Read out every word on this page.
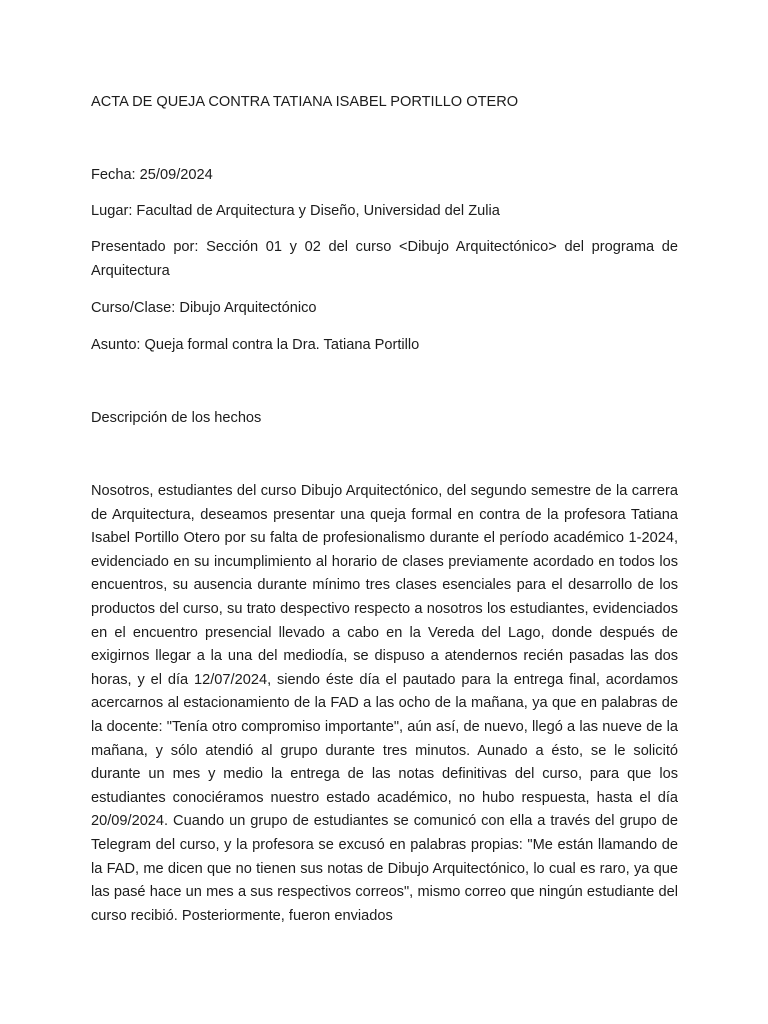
ACTA DE QUEJA CONTRA TATIANA ISABEL PORTILLO OTERO

Fecha: 25/09/2024

Lugar: Facultad de Arquitectura y Diseño, Universidad del Zulia

Presentado por: Sección 01 y 02 del curso <Dibujo Arquitectónico> del programa de Arquitectura

Curso/Clase: Dibujo Arquitectónico

Asunto: Queja formal contra la Dra. Tatiana Portillo

Descripción de los hechos

Nosotros, estudiantes del curso Dibujo Arquitectónico, del segundo semestre de la carrera de Arquitectura, deseamos presentar una queja formal en contra de la profesora Tatiana Isabel Portillo Otero por su falta de profesionalismo durante el período académico 1-2024, evidenciado en su incumplimiento al horario de clases previamente acordado en todos los encuentros, su ausencia durante mínimo tres clases esenciales para el desarrollo de los productos del curso, su trato despectivo respecto a nosotros los estudiantes, evidenciados en el encuentro presencial llevado a cabo en la Vereda del Lago, donde después de exigirnos llegar a la una del mediodía, se dispuso a atendernos recién pasadas las dos horas, y el día 12/07/2024, siendo éste día el pautado para la entrega final, acordamos acercarnos al estacionamiento de la FAD a las ocho de la mañana, ya que en palabras de la docente: "Tenía otro compromiso importante", aún así, de nuevo, llegó a las nueve de la mañana, y sólo atendió al grupo durante tres minutos. Aunado a ésto, se le solicitó durante un mes y medio la entrega de las notas definitivas del curso, para que los estudiantes conociéramos nuestro estado académico, no hubo respuesta, hasta el día 20/09/2024. Cuando un grupo de estudiantes se comunicó con ella a través del grupo de Telegram del curso, y la profesora se excusó en palabras propias: "Me están llamando de la FAD, me dicen que no tienen sus notas de Dibujo Arquitectónico, lo cual es raro, ya que las pasé hace un mes a sus respectivos correos", mismo correo que ningún estudiante del curso recibió. Posteriormente, fueron enviados
